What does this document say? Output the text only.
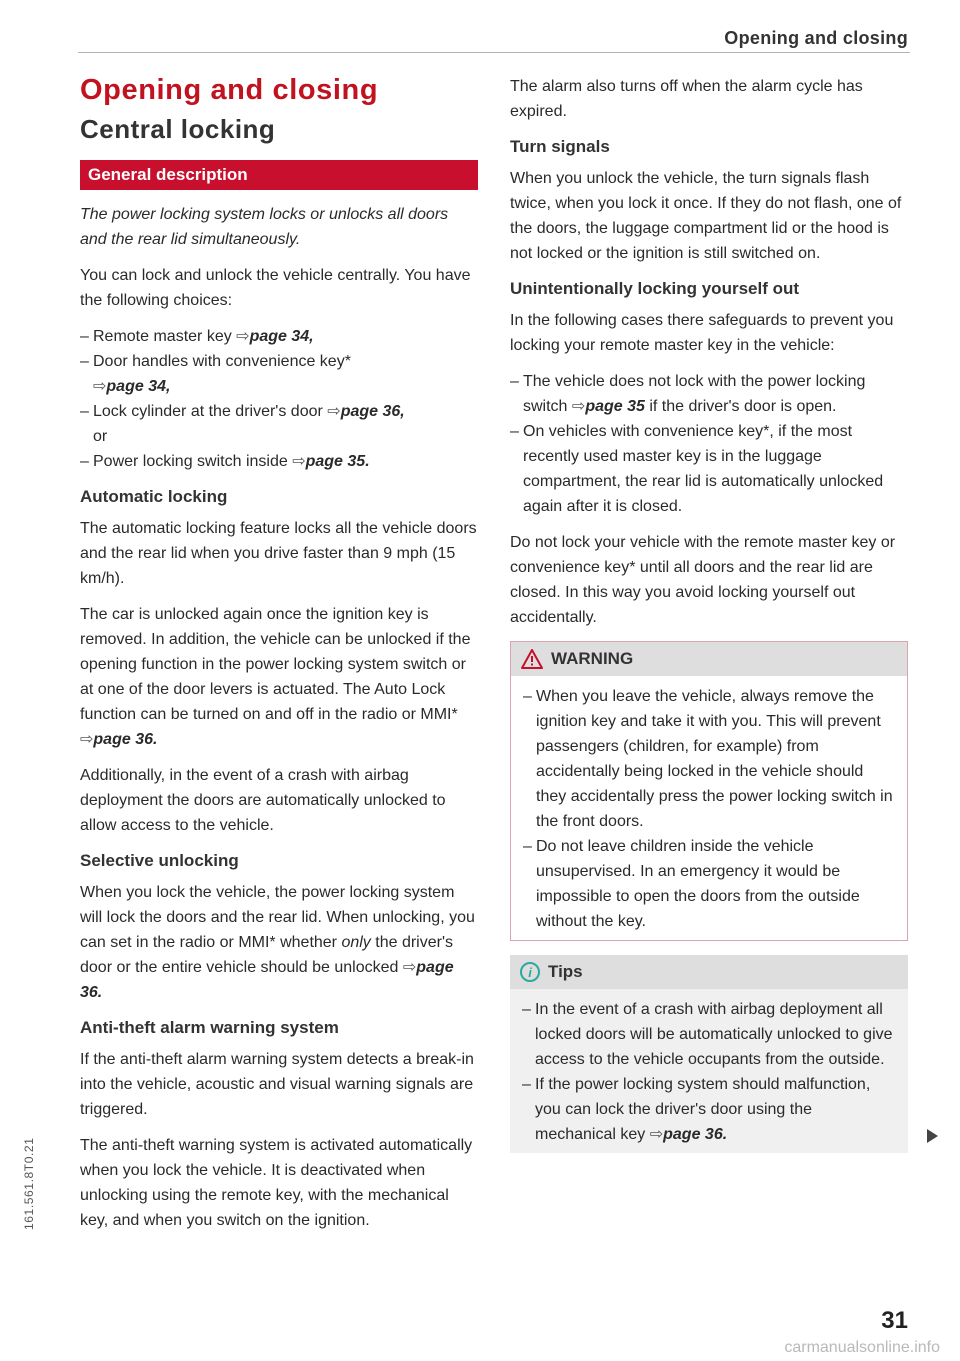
Opening and closing
161.561.8T0.21
Opening and closing
Central locking
General description

The power locking system locks or unlocks all doors and the rear lid simultaneously.

You can lock and unlock the vehicle centrally. You have the following choices:

– Remote master key ⇨page 34,
– Door handles with convenience key*
⇨page 34,
– Lock cylinder at the driver's door ⇨page 36,
or
– Power locking switch inside ⇨page 35.
Automatic locking

The automatic locking feature locks all the vehicle doors and the rear lid when you drive faster than 9 mph (15 km/h).

The car is unlocked again once the ignition key is removed. In addition, the vehicle can be unlocked if the opening function in the power locking system switch or at one of the door levers is actuated. The Auto Lock function can be turned on and off in the radio or MMI* ⇨page 36.

Additionally, in the event of a crash with airbag deployment the doors are automatically unlocked to allow access to the vehicle.

Selective unlocking

When you lock the vehicle, the power locking system will lock the doors and the rear lid. When unlocking, you can set in the radio or MMI* whether only the driver's door or the entire vehicle should be unlocked ⇨page 36.

Anti-theft alarm warning system

If the anti-theft alarm warning system detects a break-in into the vehicle, acoustic and visual warning signals are triggered.

The anti-theft warning system is activated automatically when you lock the vehicle. It is deactivated when unlocking using the remote key, with the mechanical key, and when you switch on the ignition.

The alarm also turns off when the alarm cycle has expired.

Turn signals

When you unlock the vehicle, the turn signals flash twice, when you lock it once. If they do not flash, one of the doors, the luggage compartment lid or the hood is not locked or the ignition is still switched on.

Unintentionally locking yourself out

In the following cases there safeguards to prevent you locking your remote master key in the vehicle:

– The vehicle does not lock with the power locking switch ⇨page 35 if the driver's door is open.
– On vehicles with convenience key*, if the most recently used master key is in the luggage compartment, the rear lid is automatically unlocked again after it is closed.

Do not lock your vehicle with the remote master key or convenience key* until all doors and the rear lid are closed. In this way you avoid locking yourself out accidentally.

WARNING
– When you leave the vehicle, always remove the ignition key and take it with you. This will prevent passengers (children, for example) from accidentally being locked in the vehicle should they accidentally press the power locking switch in the front doors.
– Do not leave children inside the vehicle unsupervised. In an emergency it would be impossible to open the doors from the outside without the key.
i Tips
– In the event of a crash with airbag deployment all locked doors will be automatically unlocked to give access to the vehicle occupants from the outside.
– If the power locking system should malfunction, you can lock the driver's door using the mechanical key ⇨page 36.
31
carmanualsonline.info
